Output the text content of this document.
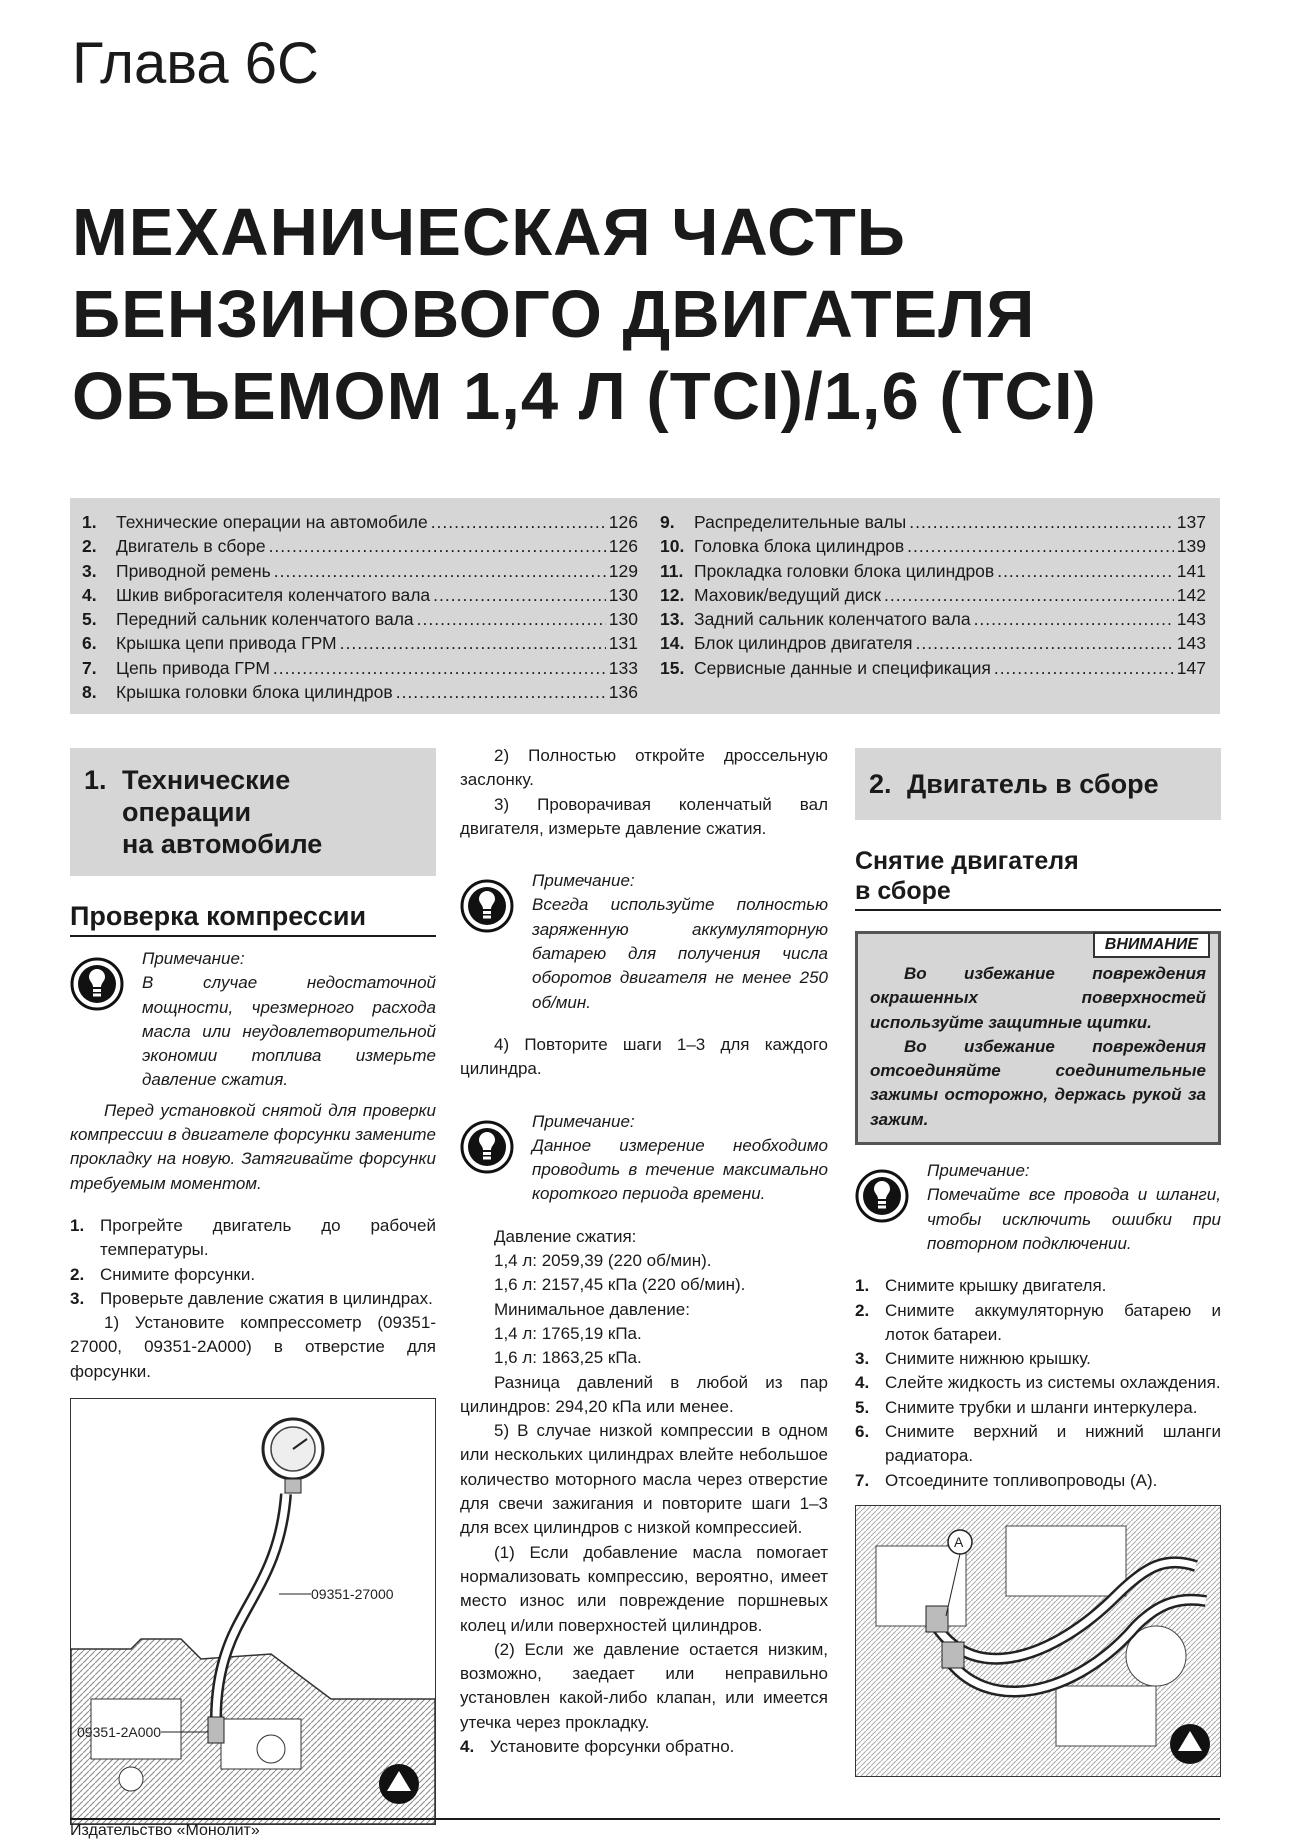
Глава 6С
МЕХАНИЧЕСКАЯ ЧАСТЬ
БЕНЗИНОВОГО ДВИГАТЕЛЯ
ОБЪЕМОМ 1,4 Л (TCI)/1,6 (TCI)
1.	Технические операции на автомобиле .....	126
2.	Двигатель в сборе .....	126
3.	Приводной ремень .....	129
4.	Шкив виброгасителя коленчатого вала .....	130
5.	Передний сальник коленчатого вала .....	130
6.	Крышка цепи привода ГРМ .....	131
7.	Цепь привода ГРМ .....	133
8.	Крышка головки блока цилиндров .....	136
9.	Распределительные валы .....	137
10. Головка блока цилиндров .....	139
11. Прокладка головки блока цилиндров .....	141
12. Маховик/ведущий диск .....	142
13. Задний сальник коленчатого вала .....	143
14. Блок цилиндров двигателя .....	143
15. Сервисные данные и спецификация .....	147
1. Технические
операции
на автомобиле
Проверка компрессии
Примечание:
В случае недостаточной мощности, чрезмерного расхода масла или неудовлетворительной экономии топлива измерьте давление сжатия.

Перед установкой снятой для проверки компрессии в двигателе форсунки замените прокладку на новую. Затягивайте форсунки требуемым моментом.

1. Прогрейте двигатель до рабочей температуры.

2. Снимите форсунки.

3. Проверьте давление сжатия в цилиндрах.

1) Установите компрессометр (09351-27000, 09351-2A000) в отверстие для форсунки.

09351-27000
09351-2A000

2) Полностью откройте дроссельную заслонку.

3) Проворачивая коленчатый вал двигателя, измерьте давление сжатия.

Примечание:
Всегда используйте полностью заряженную аккумуляторную батарею для получения числа оборотов двигателя не менее 250 об/мин.

4) Повторите шаги 1–3 для каждого цилиндра.

Примечание:
Данное измерение необходимо проводить в течение максимально короткого периода времени.
Давление сжатия:
1,4 л: 2059,39 (220 об/мин).
1,6 л: 2157,45 кПа (220 об/мин).
Минимальное давление:
1,4 л: 1765,19 кПа.
1,6 л: 1863,25 кПа.

Разница давлений в любой из пар цилиндров: 294,20 кПа или менее.

5) В случае низкой компрессии в одном или нескольких цилиндрах влейте небольшое количество моторного масла через отверстие для свечи зажигания и повторите шаги 1–3 для всех цилиндров с низкой компрессией.

(1) Если добавление масла помогает нормализовать компрессию, вероятно, имеет место износ или повреждение поршневых колец и/или поверхностей цилиндров.

(2) Если же давление остается низким, возможно, заедает или неправильно установлен какой-либо клапан, или имеется утечка через прокладку.

4. Установите форсунки обратно.

2. Двигатель в сборе
Снятие двигателя
в сборе
ВНИМАНИЕ

Во избежание повреждения окрашенных поверхностей используйте защитные щитки.

Во избежание повреждения отсоединяйте соединительные зажимы осторожно, держась рукой за зажим.

Примечание:
Помечайте все провода и шланги, чтобы исключить ошибки при повторном подключении.
1. Снимите крышку двигателя.

2. Снимите аккумуляторную батарею и лоток батареи.

3. Снимите нижнюю крышку.

4. Слейте жидкость из системы охлаждения.

5. Снимите трубки и шланги интеркулера.

6. Снимите верхний и нижний шланги радиатора.

7. Отсоедините топливопроводы (A).

A
Издательство «Монолит»
